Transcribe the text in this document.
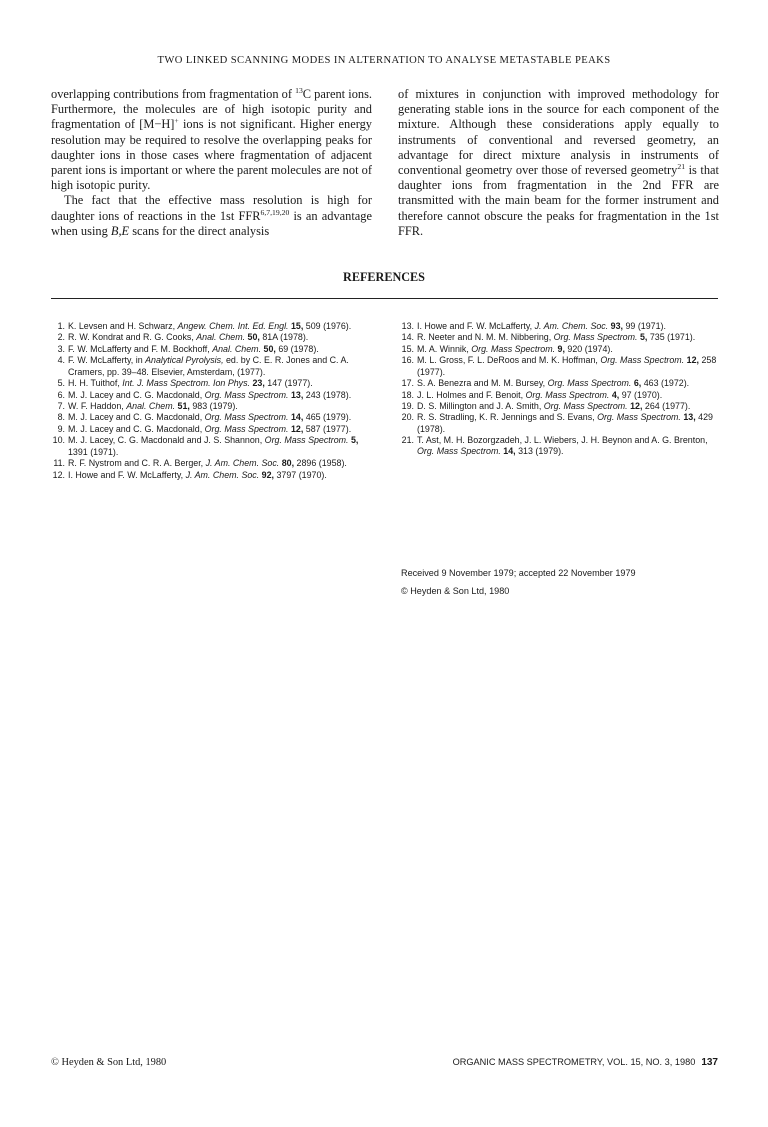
TWO LINKED SCANNING MODES IN ALTERNATION TO ANALYSE METASTABLE PEAKS

overlapping contributions from fragmentation of $^{13}$C parent ions. Furthermore, the molecules are of high isotopic purity and fragmentation of [M−H]+ ions is not significant. Higher energy resolution may be required to resolve the overlapping peaks for daughter ions in those cases where fragmentation of adjacent parent ions is important or where the parent molecules are not of high isotopic purity.

The fact that the effective mass resolution is high for daughter ions of reactions in the 1st FFR$^{6,7,19,20}$ is an advantage when using B,E scans for the direct analysis

of mixtures in conjunction with improved methodology for generating stable ions in the source for each component of the mixture. Although these considerations apply equally to instruments of conventional and reversed geometry, an advantage for direct mixture analysis in instruments of conventional geometry over those of reversed geometry$^{21}$ is that daughter ions from fragmentation in the 2nd FFR are transmitted with the main beam for the former instrument and therefore cannot obscure the peaks for fragmentation in the 1st FFR.

REFERENCES
1. K. Levsen and H. Schwarz, Angew. Chem. Int. Ed. Engl. 15, 509 (1976).
2. R. W. Kondrat and R. G. Cooks, Anal. Chem. 50, 81A (1978).
3. F. W. McLafferty and F. M. Bockhoff, Anal. Chem. 50, 69 (1978).
4. F. W. McLafferty, in Analytical Pyrolysis, ed. by C. E. R. Jones and C. A. Cramers, pp. 39–48. Elsevier, Amsterdam, (1977).
5. H. H. Tuithof, Int. J. Mass Spectrom. Ion Phys. 23, 147 (1977).
6. M. J. Lacey and C. G. Macdonald, Org. Mass Spectrom. 13, 243 (1978).
7. W. F. Haddon, Anal. Chem. 51, 983 (1979).
8. M. J. Lacey and C. G. Macdonald, Org. Mass Spectrom. 14, 465 (1979).
9. M. J. Lacey and C. G. Macdonald, Org. Mass Spectrom. 12, 587 (1977).
10. M. J. Lacey, C. G. Macdonald and J. S. Shannon, Org. Mass Spectrom. 5, 1391 (1971).
11. R. F. Nystrom and C. R. A. Berger, J. Am. Chem. Soc. 80, 2896 (1958).
12. I. Howe and F. W. McLafferty, J. Am. Chem. Soc. 92, 3797 (1970).
13. I. Howe and F. W. McLafferty, J. Am. Chem. Soc. 93, 99 (1971).
14. R. Neeter and N. M. M. Nibbering, Org. Mass Spectrom. 5, 735 (1971).
15. M. A. Winnik, Org. Mass Spectrom. 9, 920 (1974).
16. M. L. Gross, F. L. DeRoos and M. K. Hoffman, Org. Mass Spectrom. 12, 258 (1977).
17. S. A. Benezra and M. M. Bursey, Org. Mass Spectrom. 6, 463 (1972).
18. J. L. Holmes and F. Benoit, Org. Mass Spectrom. 4, 97 (1970).
19. D. S. Millington and J. A. Smith, Org. Mass Spectrom. 12, 264 (1977).
20. R. S. Stradling, K. R. Jennings and S. Evans, Org. Mass Spectrom. 13, 429 (1978).
21. T. Ast, M. H. Bozorgzadeh, J. L. Wiebers, J. H. Beynon and A. G. Brenton, Org. Mass Spectrom. 14, 313 (1979).
Received 9 November 1979; accepted 22 November 1979
© Heyden & Son Ltd, 1980
© Heyden & Son Ltd, 1980	ORGANIC MASS SPECTROMETRY, VOL. 15, NO. 3, 1980 137
